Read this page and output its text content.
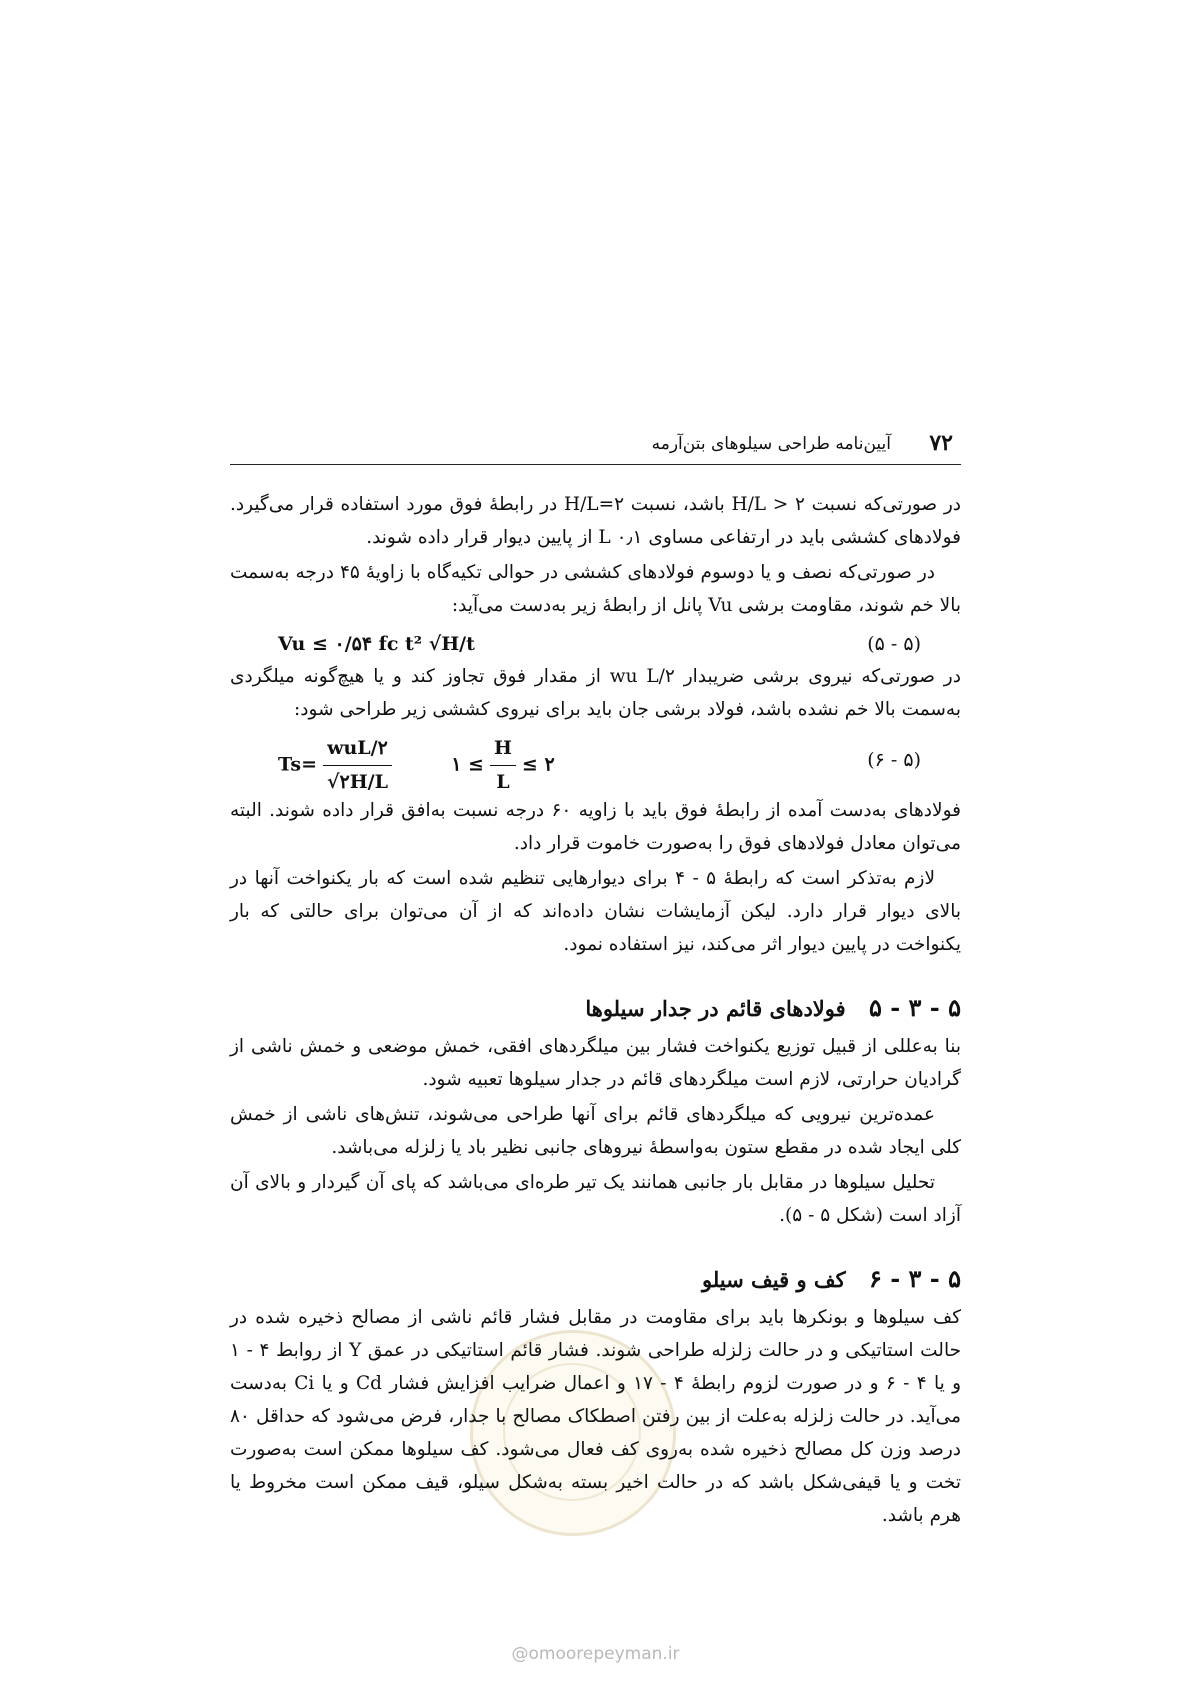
۷۲
آیین‌نامه طراحی سیلوهای بتن‌آرمه

در صورتی‌که نسبت H/L > ۲ باشد، نسبت H/L=۲ در رابطهٔ فوق مورد استفاده قرار می‌گیرد. فولادهای کششی باید در ارتفاعی مساوی L ۰٫۱ از پایین دیوار قرار داده شوند.

در صورتی‌که نصف و یا دوسوم فولادهای کششی در حوالی تکیه‌گاه با زاویهٔ ۴۵ درجه به‌سمت بالا خم شوند، مقاومت برشی Vu پانل از رابطهٔ زیر به‌دست می‌آید:

Vu ≤ ۰/۵۴ fc t² √H/t	(۵ - ۵)

در صورتی‌که نیروی برشی ضریبدار wu L/۲ از مقدار فوق تجاوز کند و یا هیچ‌گونه میلگردی به‌سمت بالا خم نشده باشد، فولاد برشی جان باید برای نیروی کششی زیر طراحی شود:

$Ts= \frac{\text{wuL/۲}}{√۲H/L}$	۱ ≤ $\frac{H}{L}$ ≤ ۲	(۶ - ۵)

فولادهای به‌دست آمده از رابطهٔ فوق باید با زاویه ۶۰ درجه نسبت به‌افق قرار داده شوند. البته می‌توان معادل فولادهای فوق را به‌صورت خاموت قرار داد.

لازم به‌تذکر است که رابطهٔ ۵ - ۴ برای دیوارهایی تنظیم شده است که بار یکنواخت آنها در بالای دیوار قرار دارد. لیکن آزمایشات نشان داده‌اند که از آن می‌توان برای حالتی که بار یکنواخت در پایین دیوار اثر می‌کند، نیز استفاده نمود.

۵ - ۳ - ۵ فولادهای قائم در جدار سیلوها

بنا به‌عللی از قبیل توزیع یکنواخت فشار بین میلگردهای افقی، خمش موضعی و خمش ناشی از گرادیان حرارتی، لازم است میلگردهای قائم در جدار سیلوها تعبیه شود.

عمده‌ترین نیرویی که میلگردهای قائم برای آنها طراحی می‌شوند، تنش‌های ناشی از خمش کلی ایجاد شده در مقطع ستون به‌واسطهٔ نیروهای جانبی نظیر باد یا زلزله می‌باشد.

تحلیل سیلوها در مقابل بار جانبی همانند یک تیر طره‌ای می‌باشد که پای آن گیردار و بالای آن آزاد است (شکل ۵ - ۵).

۵ - ۳ - ۶ کف و قیف سیلو

کف سیلوها و بونکرها باید برای مقاومت در مقابل فشار قائم ناشی از مصالح ذخیره شده در حالت استاتیکی و در حالت زلزله طراحی شوند. فشار قائم استاتیکی در عمق Y از روابط ۴ - ۱ و یا ۴ - ۶ و در صورت لزوم رابطهٔ ۴ - ۱۷ و اعمال ضرایب افزایش فشار Cd و یا Ci به‌دست می‌آید. در حالت زلزله به‌علت از بین رفتن اصطکاک مصالح با جدار، فرض می‌شود که حداقل ۸۰ درصد وزن کل مصالح ذخیره شده به‌روی کف فعال می‌شود. کف سیلوها ممکن است به‌صورت تخت و یا قیفی‌شکل باشد که در حالت اخیر بسته به‌شکل سیلو، قیف ممکن است مخروط یا هرم باشد.

@omoorepeyman.ir
